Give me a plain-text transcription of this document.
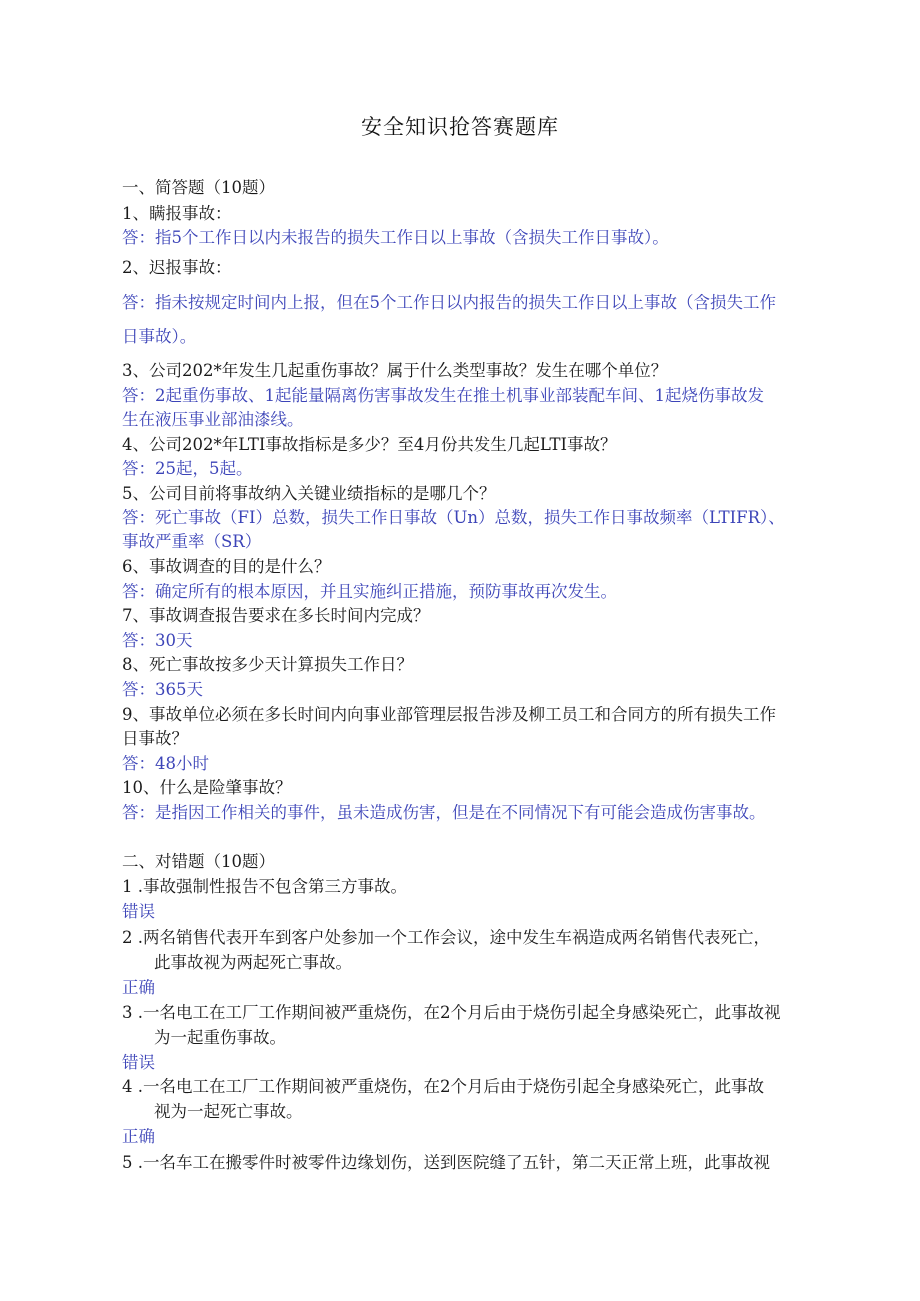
安全知识抢答赛题库
一、简答题（10题）
1、瞒报事故：
答：指5个工作日以内未报告的损失工作日以上事故（含损失工作日事故）。
2、迟报事故：
答：指未按规定时间内上报，但在5个工作日以内报告的损失工作日以上事故（含损失工作
日事故）。
3、公司202*年发生几起重伤事故？属于什么类型事故？发生在哪个单位？
答：2起重伤事故、1起能量隔离伤害事故发生在推土机事业部装配车间、1起烧伤事故发
生在液压事业部油漆线。
4、公司202*年LTI事故指标是多少？至4月份共发生几起LTI事故？
答：25起，5起。
5、公司目前将事故纳入关键业绩指标的是哪几个？
答：死亡事故（FI）总数，损失工作日事故（Un）总数，损失工作日事故频率（LTIFR）、
事故严重率（SR）
6、事故调查的目的是什么？
答：确定所有的根本原因，并且实施纠正措施，预防事故再次发生。
7、事故调查报告要求在多长时间内完成？
答：30天
8、死亡事故按多少天计算损失工作日？
答：365天
9、事故单位必须在多长时间内向事业部管理层报告涉及柳工员工和合同方的所有损失工作
日事故？
答：48小时
10、什么是险肇事故？
答：是指因工作相关的事件，虽未造成伤害，但是在不同情况下有可能会造成伤害事故。
二、对错题（10题）
1 .事故强制性报告不包含第三方事故。
错误
2 .两名销售代表开车到客户处参加一个工作会议，途中发生车祸造成两名销售代表死亡，
此事故视为两起死亡事故。
正确
3 .一名电工在工厂工作期间被严重烧伤，在2个月后由于烧伤引起全身感染死亡，此事故视
为一起重伤事故。
错误
4 .一名电工在工厂工作期间被严重烧伤，在2个月后由于烧伤引起全身感染死亡，此事故
视为一起死亡事故。
正确
5 .一名车工在搬零件时被零件边缘划伤，送到医院缝了五针，第二天正常上班，此事故视
